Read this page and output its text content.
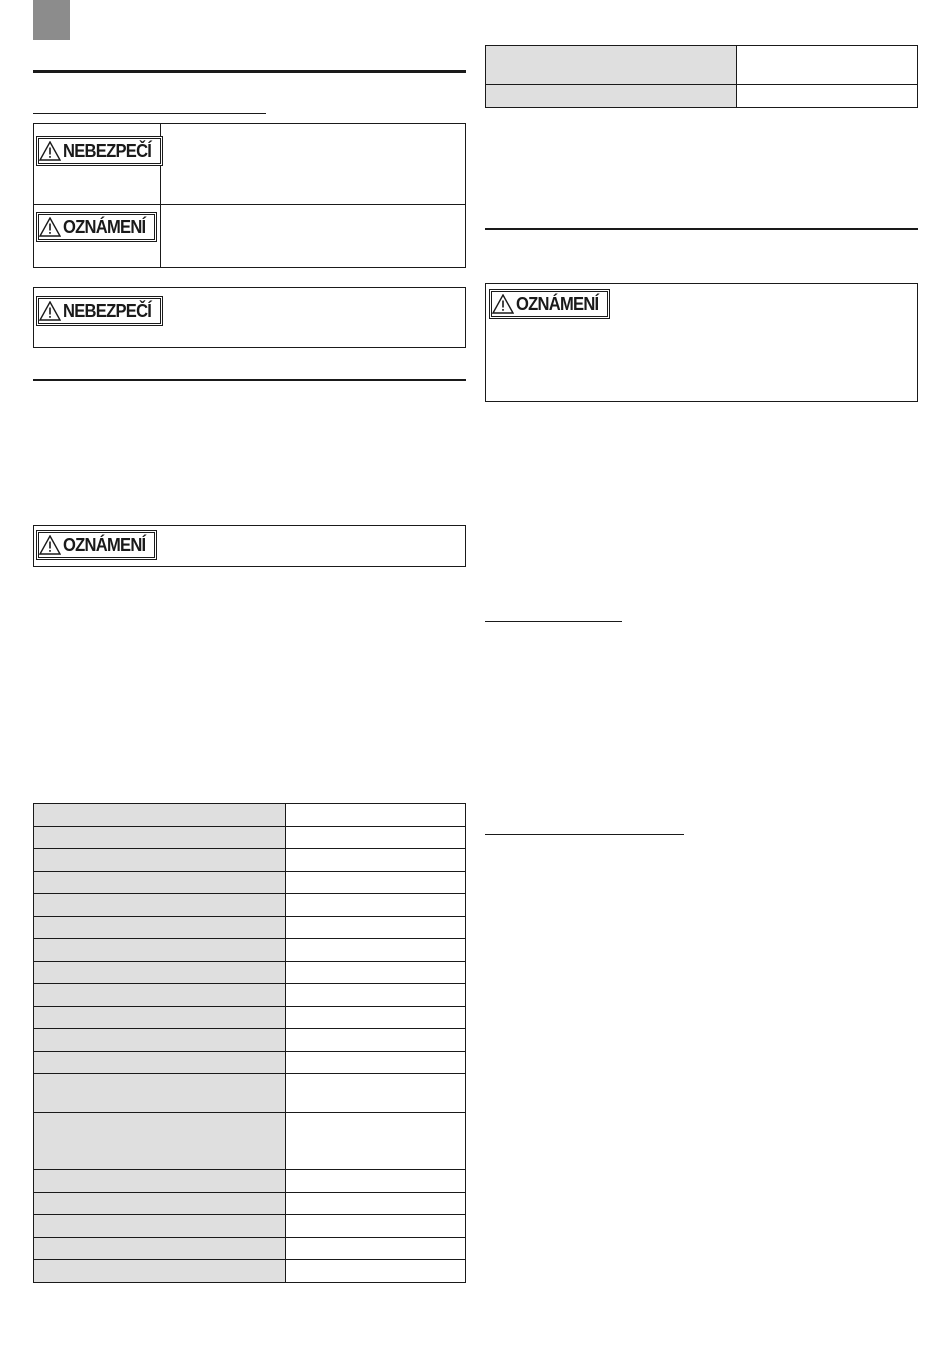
NEBEZPEČÍ
OZNÁMENÍ
NEBEZPEČÍ
OZNÁMENÍ

OZNÁMENÍ
